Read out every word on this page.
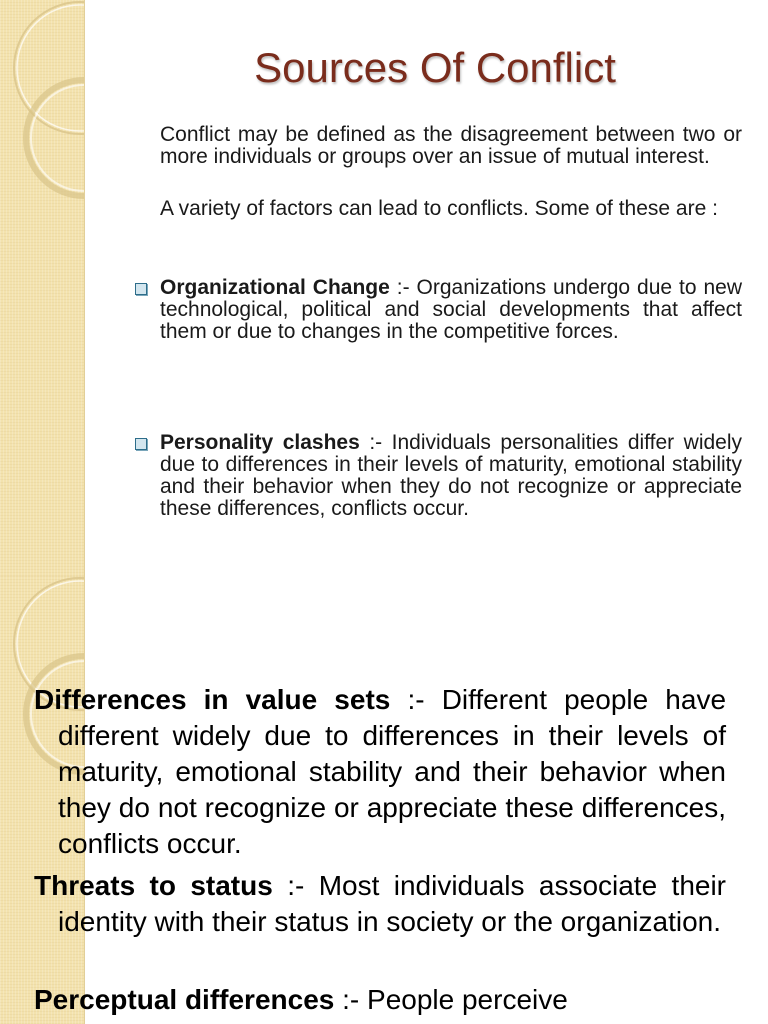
Sources Of Conflict

Conflict may be defined as the disagreement between two or more individuals or groups over an issue of mutual interest.

A variety of factors can lead to conflicts. Some of these are :

Organizational Change :- Organizations undergo due to new technological, political and social developments that affect them or due to changes in the competitive forces.
Personality clashes :- Individuals personalities differ widely due to differences in their levels of maturity, emotional stability and their behavior when they do not recognize or appreciate these differences, conflicts occur.

Differences in value sets :- Different people have different widely due to differences in their levels of maturity, emotional stability and their behavior when they do not recognize or appreciate these differences, conflicts occur.

Threats to status :- Most individuals associate their identity with their status in society or the organization.

Perceptual differences :- People perceive
